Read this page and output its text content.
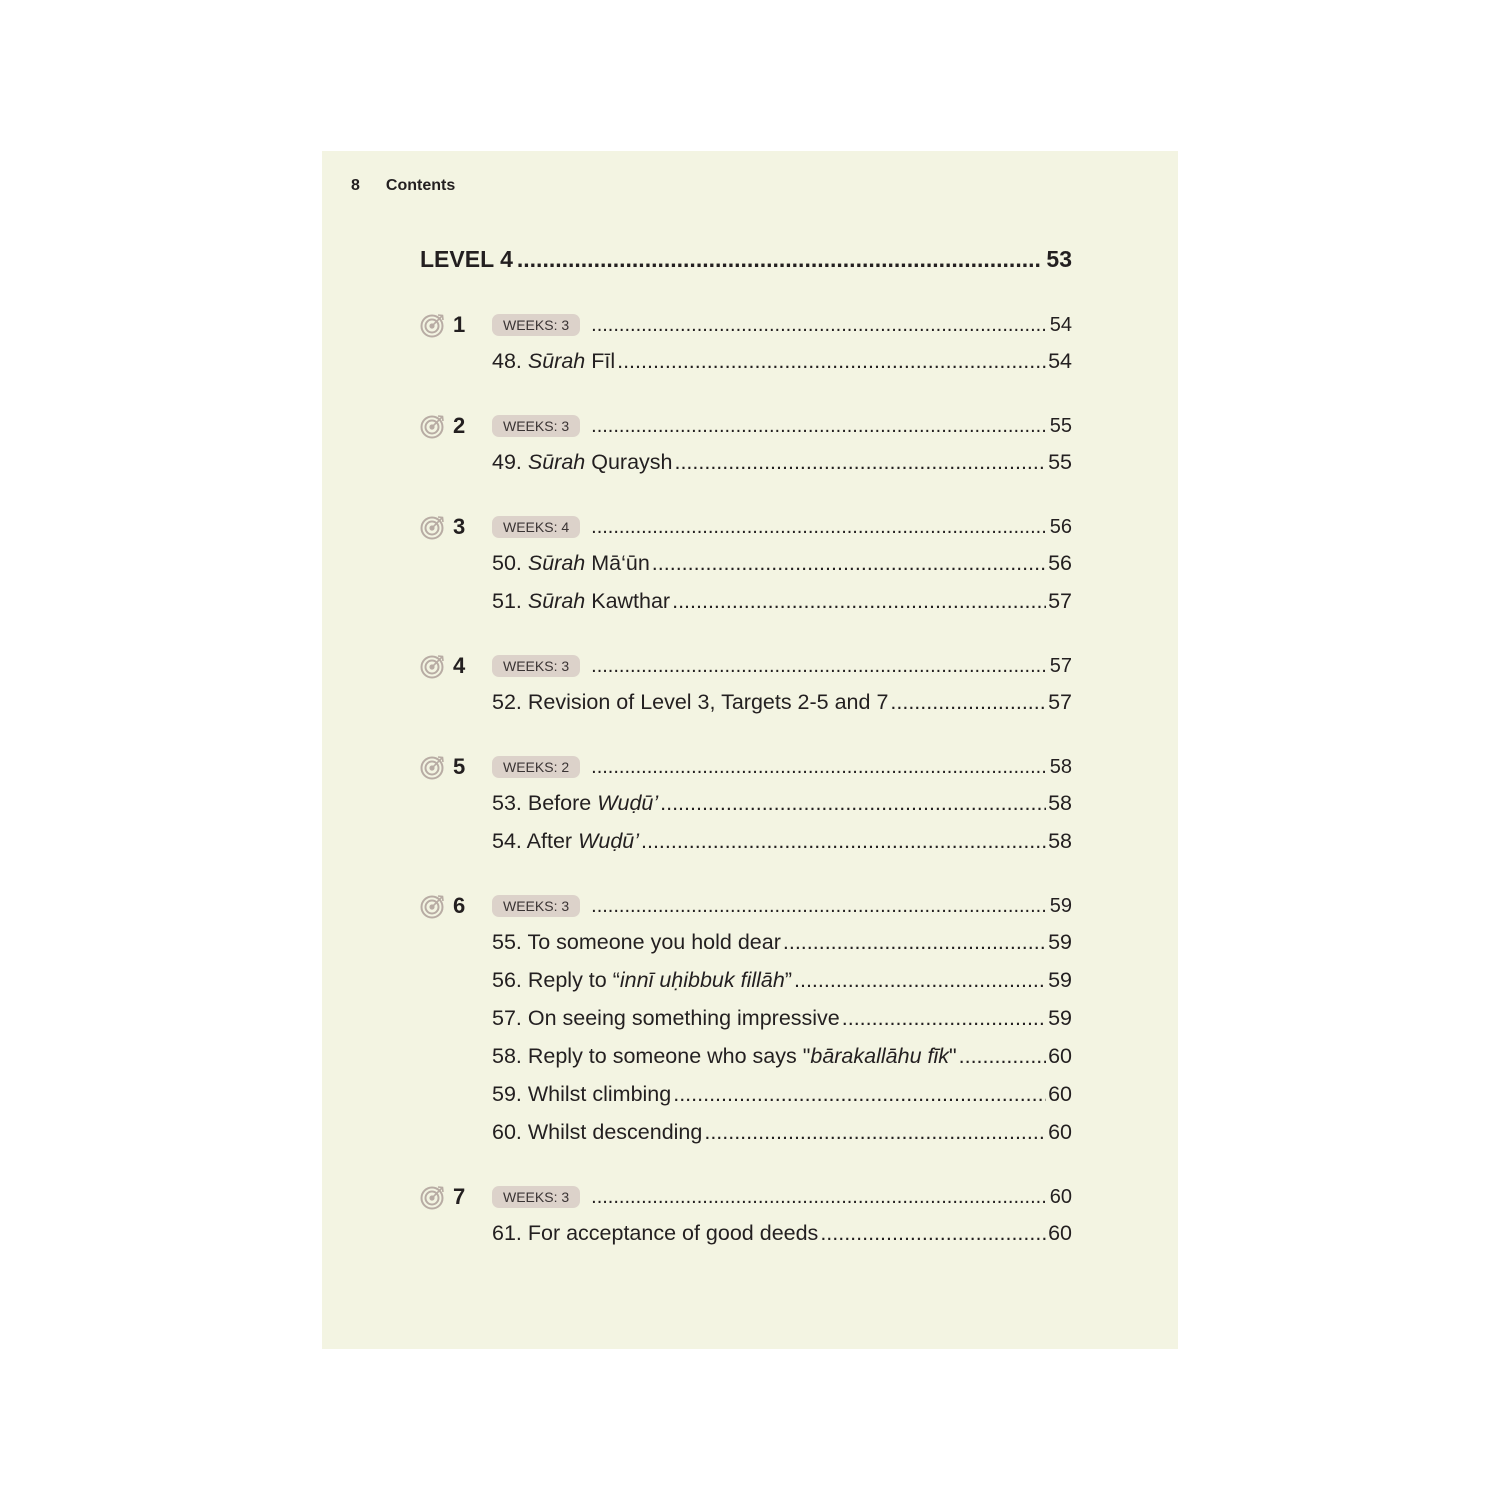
8 Contents
LEVEL 4 .....	53
1	WEEKS: 3 .....	54
48. Sūrah Fīl .....	54
2	WEEKS: 3 .....	55
49. Sūrah Quraysh .....	55
3	WEEKS: 4 .....	56
50. Sūrah Mā‘ūn .....	56
51. Sūrah Kawthar .....	57
4	WEEKS: 3 .....	57
52. Revision of Level 3, Targets 2-5 and 7 .....	57
5	WEEKS: 2 .....	58
53. Before Wuḍū’ .....	58
54. After Wuḍū’ .....	58
6	WEEKS: 3 .....	59
55. To someone you hold dear .....	59
56. Reply to “innī uḥibbuk fillāh” .....	59
57. On seeing something impressive .....	59
58. Reply to someone who says "bārakallāhu fīk" .....	60
59. Whilst climbing .....	60
60. Whilst descending .....	60
7	WEEKS: 3 .....	60
61. For acceptance of good deeds .....	60
